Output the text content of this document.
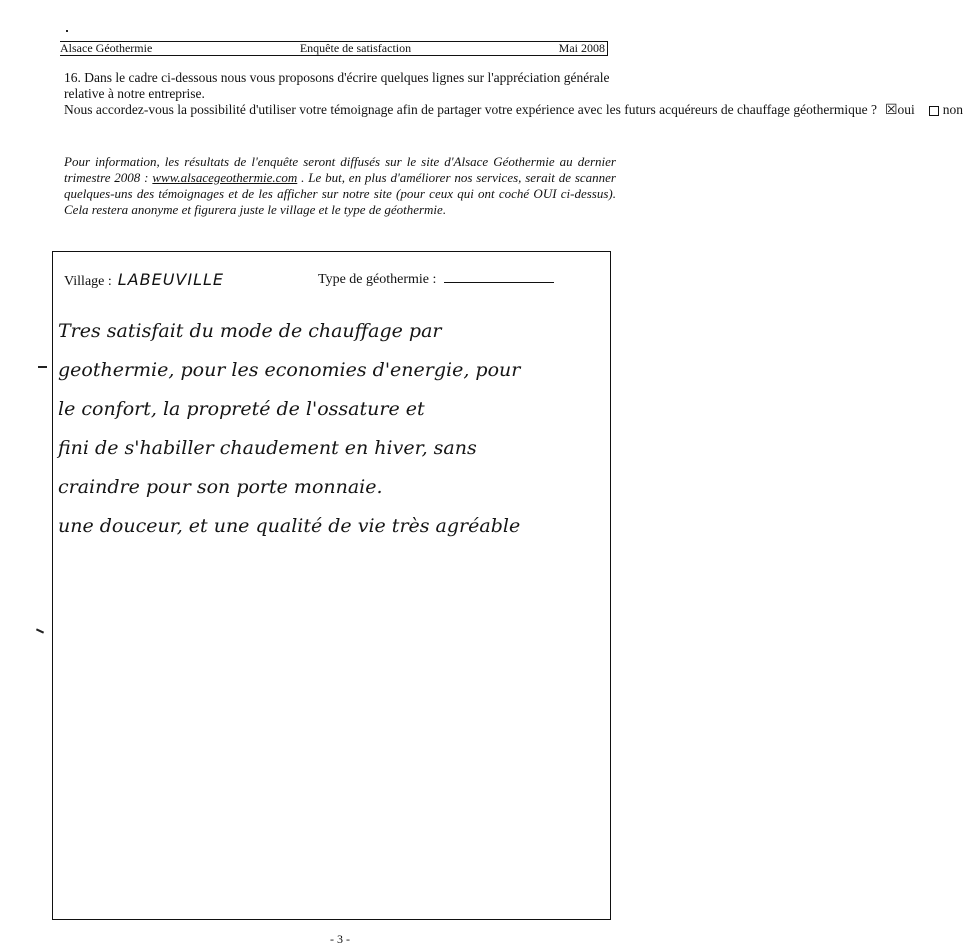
Alsace Géothermie	Enquête de satisfaction	Mai 2008

16. Dans le cadre ci-dessous nous vous proposons d'écrire quelques lignes sur l'appréciation générale relative à notre entreprise.

Nous accordez-vous la possibilité d'utiliser votre témoignage afin de partager votre expérience avec les futurs acquéreurs de chauffage géothermique ? ☒oui non

Pour information, les résultats de l'enquête seront diffusés sur le site d'Alsace Géothermie au dernier trimestre 2008 : www.alsacegeothermie.com . Le but, en plus d'améliorer nos services, serait de scanner quelques-uns des témoignages et de les afficher sur notre site (pour ceux qui ont coché OUI ci-dessus). Cela restera anonyme et figurera juste le village et le type de géothermie.
Village : LABEUVILLE	Type de géothermie :
Tres satisfait du mode de chauffage par
geothermie, pour les economies d'energie, pour
le confort, la propreté de l'ossature et
fini de s'habiller chaudement en hiver, sans
craindre pour son porte monnaie.
une douceur, et une qualité de vie très agréable
- 3 -
